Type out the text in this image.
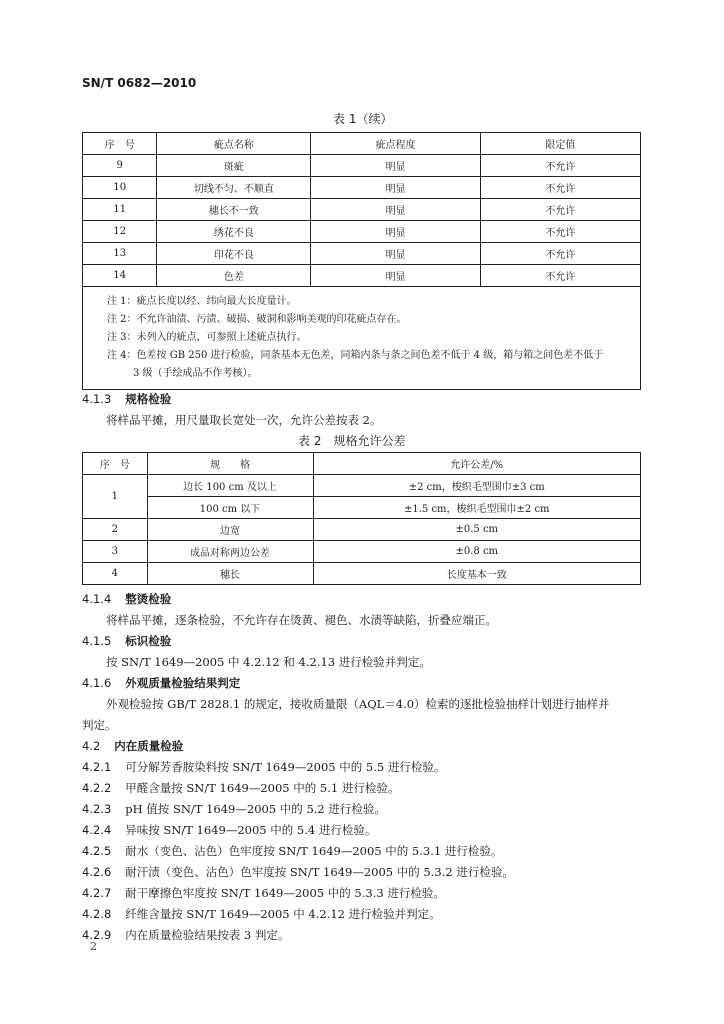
SN/T 0682—2010
表 1（续）
序　号	疵点名称	疵点程度	限定值
9	斑疵	明显	不允许
10	切线不匀、不顺直	明显	不允许
11	穗长不一致	明显	不允许
12	绣花不良	明显	不允许
13	印花不良	明显	不允许
14	色差	明显	不允许

注 1：疵点长度以经、纬向最大长度量计。
注 2：不允许油渍、污渍、破损、破洞和影响美观的印花疵点存在。
注 3：未列入的疵点，可参照上述疵点执行。
注 4：色差按 GB 250 进行检验，同条基本无色差，同箱内条与条之间色差不低于 4 级，箱与箱之间色差不低于
3 级（手绘成品不作考核）。			
4.1.3 规格检验
将样品平摊，用尺量取长宽处一次，允许公差按表 2。
表 2　规格允许公差
序　号	规　　格	允许公差/%
1	边长 100 cm 及以上	±2 cm，梭织毛型围巾±3 cm
	100 cm 以下	±1.5 cm，梭织毛型围巾±2 cm
2	边宽	±0.5 cm
3	成品对称两边公差	±0.8 cm
4	穗长	长度基本一致
4.1.4 整烫检验
将样品平摊，逐条检验，不允许存在烫黄、褪色、水渍等缺陷，折叠应端正。
4.1.5 标识检验
按 SN/T 1649—2005 中 4.2.12 和 4.2.13 进行检验并判定。
4.1.6 外观质量检验结果判定
外观检验按 GB/T 2828.1 的规定，接收质量限（AQL＝4.0）检索的逐批检验抽样计划进行抽样并
判定。
4.2 内在质量检验
4.2.1 可分解芳香胺染料按 SN/T 1649—2005 中的 5.5 进行检验。
4.2.2 甲醛含量按 SN/T 1649—2005 中的 5.1 进行检验。
4.2.3 pH 值按 SN/T 1649—2005 中的 5.2 进行检验。
4.2.4 异味按 SN/T 1649—2005 中的 5.4 进行检验。
4.2.5 耐水（变色、沾色）色牢度按 SN/T 1649—2005 中的 5.3.1 进行检验。
4.2.6 耐汗渍（变色、沾色）色牢度按 SN/T 1649—2005 中的 5.3.2 进行检验。
4.2.7 耐干摩擦色牢度按 SN/T 1649—2005 中的 5.3.3 进行检验。
4.2.8 纤维含量按 SN/T 1649—2005 中 4.2.12 进行检验并判定。
4.2.9 内在质量检验结果按表 3 判定。
2
